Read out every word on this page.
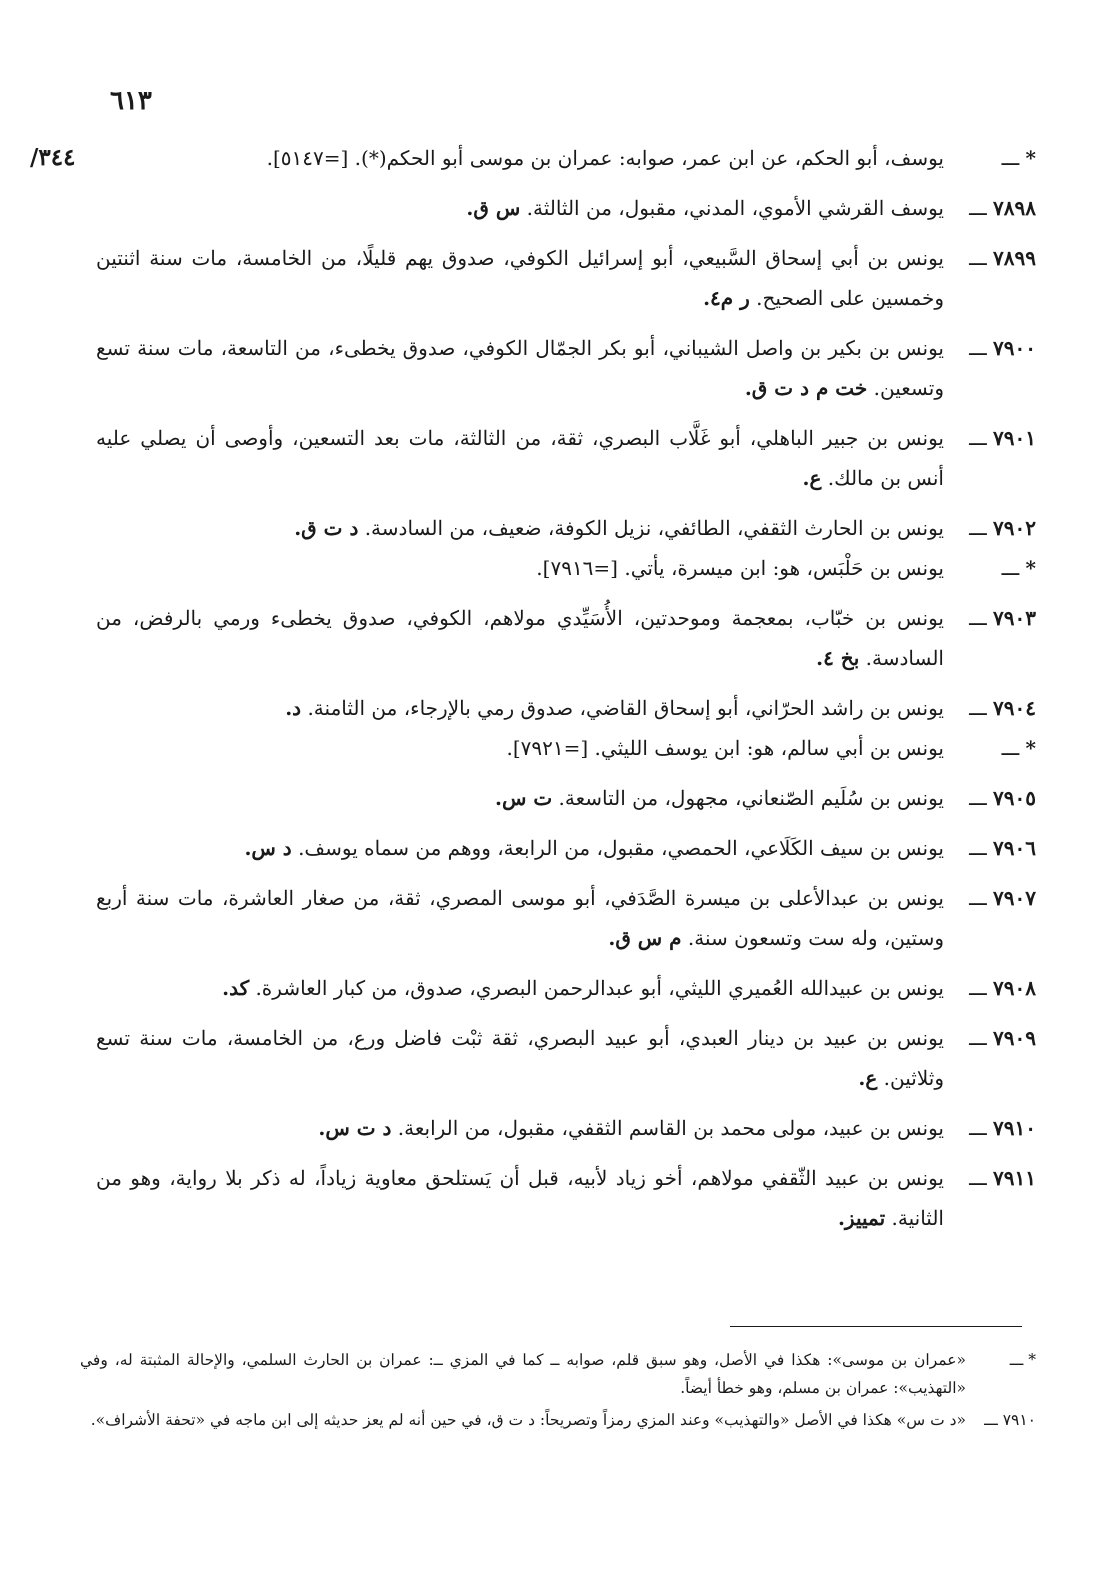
٦١٣
/٣٤٤	* ـــ
يوسف، أبو الحكم، عن ابن عمر، صوابه: عمران بن موسى أبو الحكم(*). [=٥١٤٧].
٧٨٩٨ ـــ
يوسف القرشي الأموي، المدني، مقبول، من الثالثة. س ق.
٧٨٩٩ ـــ
يونس بن أبي إسحاق السَّبيعي، أبو إسرائيل الكوفي، صدوق يهم قليلًا، من الخامسة، مات سنة اثنتين وخمسين على الصحيح. ر م٤.
٧٩٠٠ ـــ
يونس بن بكير بن واصل الشيباني، أبو بكر الجمّال الكوفي، صدوق يخطىء، من التاسعة، مات سنة تسع وتسعين. خت م د ت ق.
٧٩٠١ ـــ
يونس بن جبير الباهلي، أبو غَلَّاب البصري، ثقة، من الثالثة، مات بعد التسعين، وأوصى أن يصلي عليه أنس بن مالك. ع.
٧٩٠٢ ـــ
يونس بن الحارث الثقفي، الطائفي، نزيل الكوفة، ضعيف، من السادسة. د ت ق.
* ـــ
يونس بن حَلْبَس، هو: ابن ميسرة، يأتي. [=٧٩١٦].
٧٩٠٣ ـــ
يونس بن خبّاب، بمعجمة وموحدتين، الأُسَيِّدي مولاهم، الكوفي، صدوق يخطىء ورمي بالرفض، من السادسة. بخ ٤.
٧٩٠٤ ـــ
يونس بن راشد الحرّاني، أبو إسحاق القاضي، صدوق رمي بالإرجاء، من الثامنة. د.
* ـــ
يونس بن أبي سالم، هو: ابن يوسف الليثي. [=٧٩٢١].
٧٩٠٥ ـــ
يونس بن سُلَيم الصّنعاني، مجهول، من التاسعة. ت س.
٧٩٠٦ ـــ
يونس بن سيف الكَلَاعي، الحمصي، مقبول، من الرابعة، ووهم من سماه يوسف. د س.
٧٩٠٧ ـــ
يونس بن عبدالأعلى بن ميسرة الصَّدَفي، أبو موسى المصري، ثقة، من صغار العاشرة، مات سنة أربع وستين، وله ست وتسعون سنة. م س ق.
٧٩٠٨ ـــ
يونس بن عبيدالله العُميري الليثي، أبو عبدالرحمن البصري، صدوق، من كبار العاشرة. كد.
٧٩٠٩ ـــ
يونس بن عبيد بن دينار العبدي، أبو عبيد البصري، ثقة ثبْت فاضل ورع، من الخامسة، مات سنة تسع وثلاثين. ع.
٧٩١٠ ـــ
يونس بن عبيد، مولى محمد بن القاسم الثقفي، مقبول، من الرابعة. د ت س.
٧٩١١ ـــ
يونس بن عبيد الثّقفي مولاهم، أخو زياد لأبيه، قبل أن يَستلحق معاوية زياداً، له ذكر بلا رواية، وهو من الثانية. تمييز.
* ـــ
«عمران بن موسى»: هكذا في الأصل، وهو سبق قلم، صوابه ــ كما في المزي ــ: عمران بن الحارث السلمي، والإحالة المثبتة له، وفي «التهذيب»: عمران بن مسلم، وهو خطأ أيضاً.
٧٩١٠ ـــ
«د ت س» هكذا في الأصل «والتهذيب» وعند المزي رمزاً وتصريحاً: د ت ق، في حين أنه لم يعز حديثه إلى ابن ماجه في «تحفة الأشراف».
